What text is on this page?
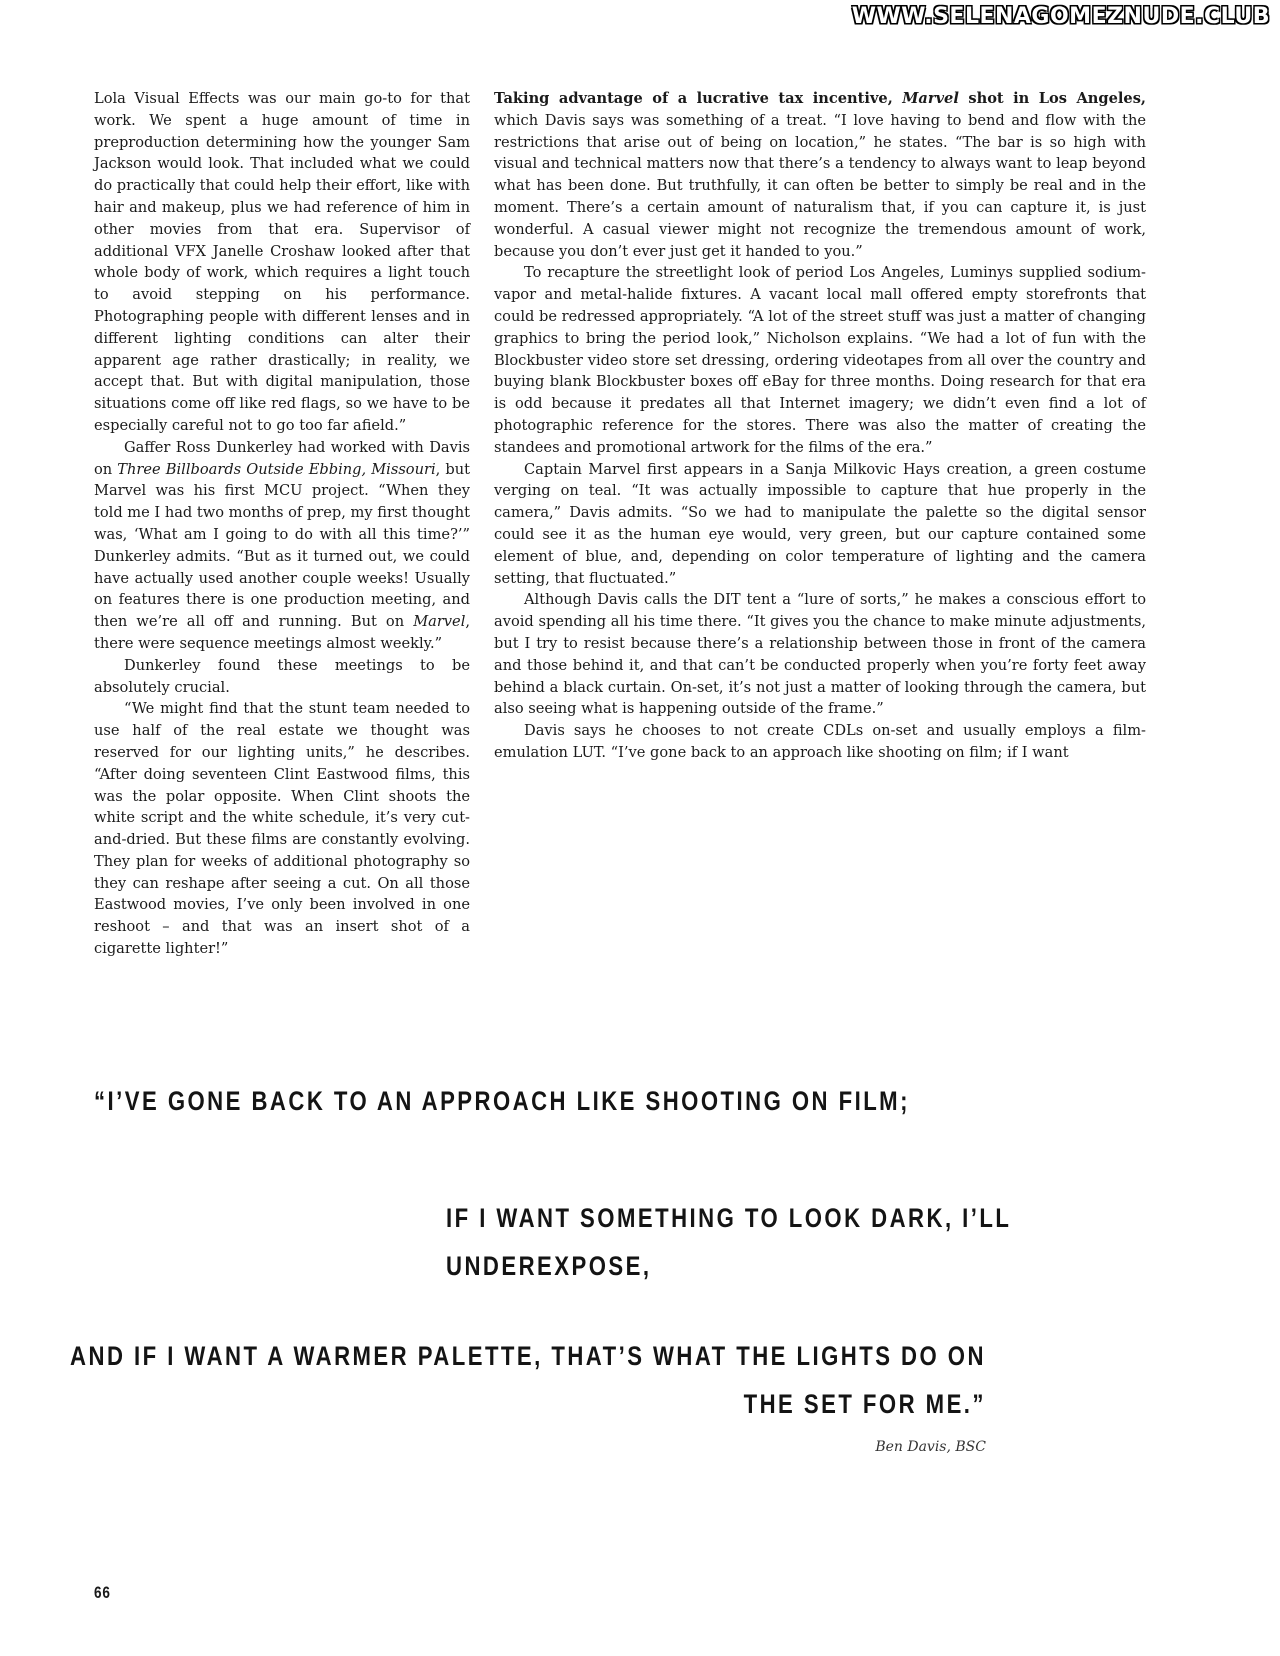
WWW.SELENAGOMEZNUDE.CLUB

Lola Visual Effects was our main go-to for that work. We spent a huge amount of time in preproduction determining how the younger Sam Jackson would look. That included what we could do practically that could help their effort, like with hair and makeup, plus we had reference of him in other movies from that era. Supervisor of additional VFX Janelle Croshaw looked after that whole body of work, which requires a light touch to avoid stepping on his performance. Photographing people with different lenses and in different lighting conditions can alter their apparent age rather drastically; in reality, we accept that. But with digital manipulation, those situations come off like red flags, so we have to be especially careful not to go too far afield.”

Gaffer Ross Dunkerley had worked with Davis on Three Billboards Outside Ebbing, Missouri, but Marvel was his first MCU project. “When they told me I had two months of prep, my first thought was, ‘What am I going to do with all this time?’” Dunkerley admits. “But as it turned out, we could have actually used another couple weeks! Usually on features there is one production meeting, and then we’re all off and running. But on Marvel, there were sequence meetings almost weekly.”

Dunkerley found these meetings to be absolutely crucial.

“We might find that the stunt team needed to use half of the real estate we thought was reserved for our lighting units,” he describes. “After doing seventeen Clint Eastwood films, this was the polar opposite. When Clint shoots the white script and the white schedule, it’s very cut-and-dried. But these films are constantly evolving. They plan for weeks of additional photography so they can reshape after seeing a cut. On all those Eastwood movies, I’ve only been involved in one reshoot – and that was an insert shot of a cigarette lighter!”

Taking advantage of a lucrative tax incentive, Marvel shot in Los Angeles, which Davis says was something of a treat. “I love having to bend and flow with the restrictions that arise out of being on location,” he states. “The bar is so high with visual and technical matters now that there’s a tendency to always want to leap beyond what has been done. But truthfully, it can often be better to simply be real and in the moment. There’s a certain amount of naturalism that, if you can capture it, is just wonderful. A casual viewer might not recognize the tremendous amount of work, because you don’t ever just get it handed to you.”

To recapture the streetlight look of period Los Angeles, Luminys supplied sodium-vapor and metal-halide fixtures. A vacant local mall offered empty storefronts that could be redressed appropriately. “A lot of the street stuff was just a matter of changing graphics to bring the period look,” Nicholson explains. “We had a lot of fun with the Blockbuster video store set dressing, ordering videotapes from all over the country and buying blank Blockbuster boxes off eBay for three months. Doing research for that era is odd because it predates all that Internet imagery; we didn’t even find a lot of photographic reference for the stores. There was also the matter of creating the standees and promotional artwork for the films of the era.”

Captain Marvel first appears in a Sanja Milkovic Hays creation, a green costume verging on teal. “It was actually impossible to capture that hue properly in the camera,” Davis admits. “So we had to manipulate the palette so the digital sensor could see it as the human eye would, very green, but our capture contained some element of blue, and, depending on color temperature of lighting and the camera setting, that fluctuated.”

Although Davis calls the DIT tent a “lure of sorts,” he makes a conscious effort to avoid spending all his time there. “It gives you the chance to make minute adjustments, but I try to resist because there’s a relationship between those in front of the camera and those behind it, and that can’t be conducted properly when you’re forty feet away behind a black curtain. On-set, it’s not just a matter of looking through the camera, but also seeing what is happening outside of the frame.”

Davis says he chooses to not create CDLs on-set and usually employs a film-emulation LUT. “I’ve gone back to an approach like shooting on film; if I want

“I’VE GONE BACK TO AN APPROACH LIKE SHOOTING ON FILM;
IF I WANT SOMETHING TO LOOK DARK, I’LL
UNDEREXPOSE,
AND IF I WANT A WARMER PALETTE, THAT’S WHAT THE LIGHTS DO ON
THE SET FOR ME.”
Ben Davis, BSC
66
